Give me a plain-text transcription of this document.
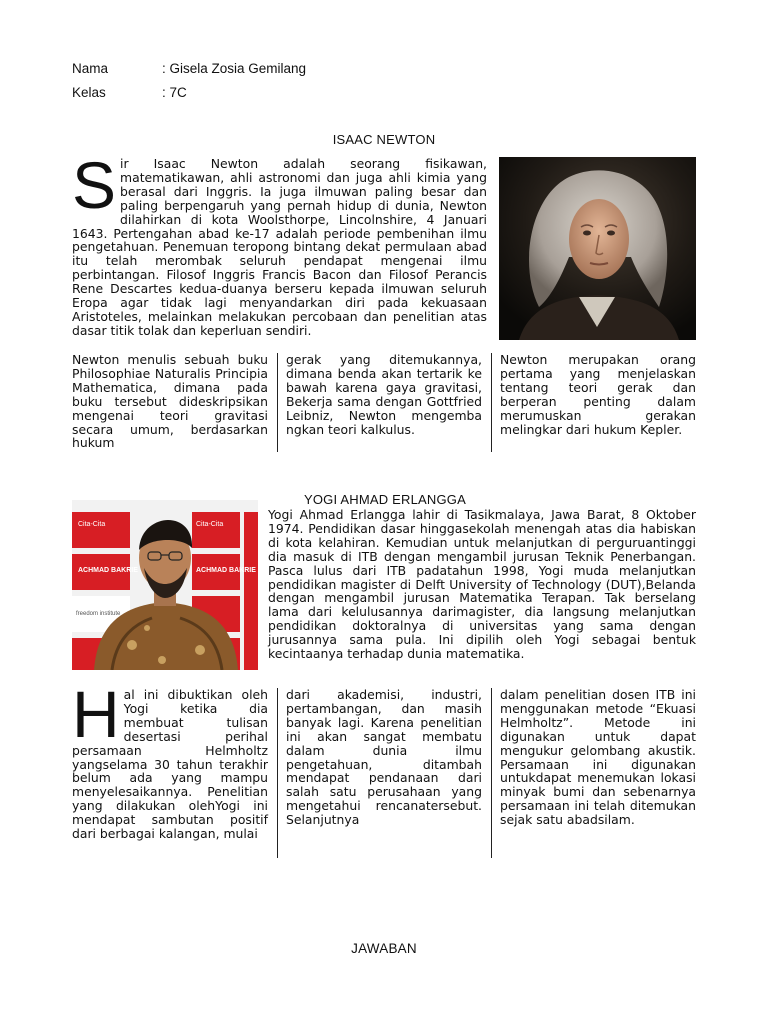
Nama	: Gisela Zosia Gemilang
Kelas	: 7C
ISAAC NEWTON
Sir Isaac Newton adalah seorang fisikawan, matematikawan, ahli astronomi dan juga ahli kimia yang berasal dari Inggris. Ia juga ilmuwan paling besar dan paling berpengaruh yang pernah hidup di dunia, Newton dilahirkan di kota Woolsthorpe, Lincolnshire, 4 Januari 1643. Pertengahan abad ke-17 adalah periode pembenihan ilmu pengetahuan. Penemuan teropong bintang dekat permulaan abad itu telah merombak seluruh pendapat mengenai ilmu perbintangan. Filosof Inggris Francis Bacon dan Filosof Perancis Rene Descartes kedua-duanya berseru kepada ilmuwan seluruh Eropa agar tidak lagi menyandarkan diri pada kekuasaan Aristoteles, melainkan melakukan percobaan dan penelitian atas dasar titik tolak dan keperluan sendiri.
Newton menulis sebuah buku Philosophiae Naturalis Principia Mathematica, dimana pada buku tersebut dideskripsikan mengenai teori gravitasi secara umum, berdasarkan hukum
gerak yang ditemukannya, dimana benda akan tertarik ke bawah karena gaya gravitasi, Bekerja sama dengan Gottfried Leibniz, Newton mengemba ngkan teori kalkulus.
Newton merupakan orang pertama yang menjelaskan tentang teori gerak dan berperan penting dalam merumuskan gerakan melingkar dari hukum Kepler.
Cita-Cita
ACHMAD BAKRIE
freedom institute
Cita-Cita
ACHMAD BAKRIE
YOGI AHMAD ERLANGGA
Yogi Ahmad Erlangga lahir di Tasikmalaya, Jawa Barat, 8 Oktober 1974. Pendidikan dasar hinggasekolah menengah atas dia habiskan di kota kelahiran. Kemudian untuk melanjutkan di perguruantinggi dia masuk di ITB dengan mengambil jurusan Teknik Penerbangan. Pasca lulus dari ITB padatahun 1998, Yogi muda melanjutkan pendidikan magister di Delft University of Technology (DUT),Belanda dengan mengambil jurusan Matematika Terapan. Tak berselang lama dari kelulusannya darimagister, dia langsung melanjutkan pendidikan doktoralnya di universitas yang sama dengan jurusannya sama pula. Ini dipilih oleh Yogi sebagai bentuk kecintaanya terhadap dunia matematika.
Hal ini dibuktikan oleh Yogi ketika dia membuat tulisan desertasi perihal persamaan Helmholtz yangselama 30 tahun terakhir belum ada yang mampu menyelesaikannya. Penelitian yang dilakukan olehYogi ini mendapat sambutan positif dari berbagai kalangan, mulai
dari akademisi, industri, pertambangan, dan masih banyak lagi. Karena penelitian ini akan sangat membatu dalam dunia ilmu pengetahuan, ditambah mendapat pendanaan dari salah satu perusahaan yang mengetahui rencanatersebut. Selanjutnya
dalam penelitian dosen ITB ini menggunakan metode “Ekuasi Helmholtz”. Metode ini digunakan untuk dapat mengukur gelombang akustik. Persamaan ini digunakan untukdapat menemukan lokasi minyak bumi dan sebenarnya persamaan ini telah ditemukan sejak satu abadsilam.
JAWABAN
